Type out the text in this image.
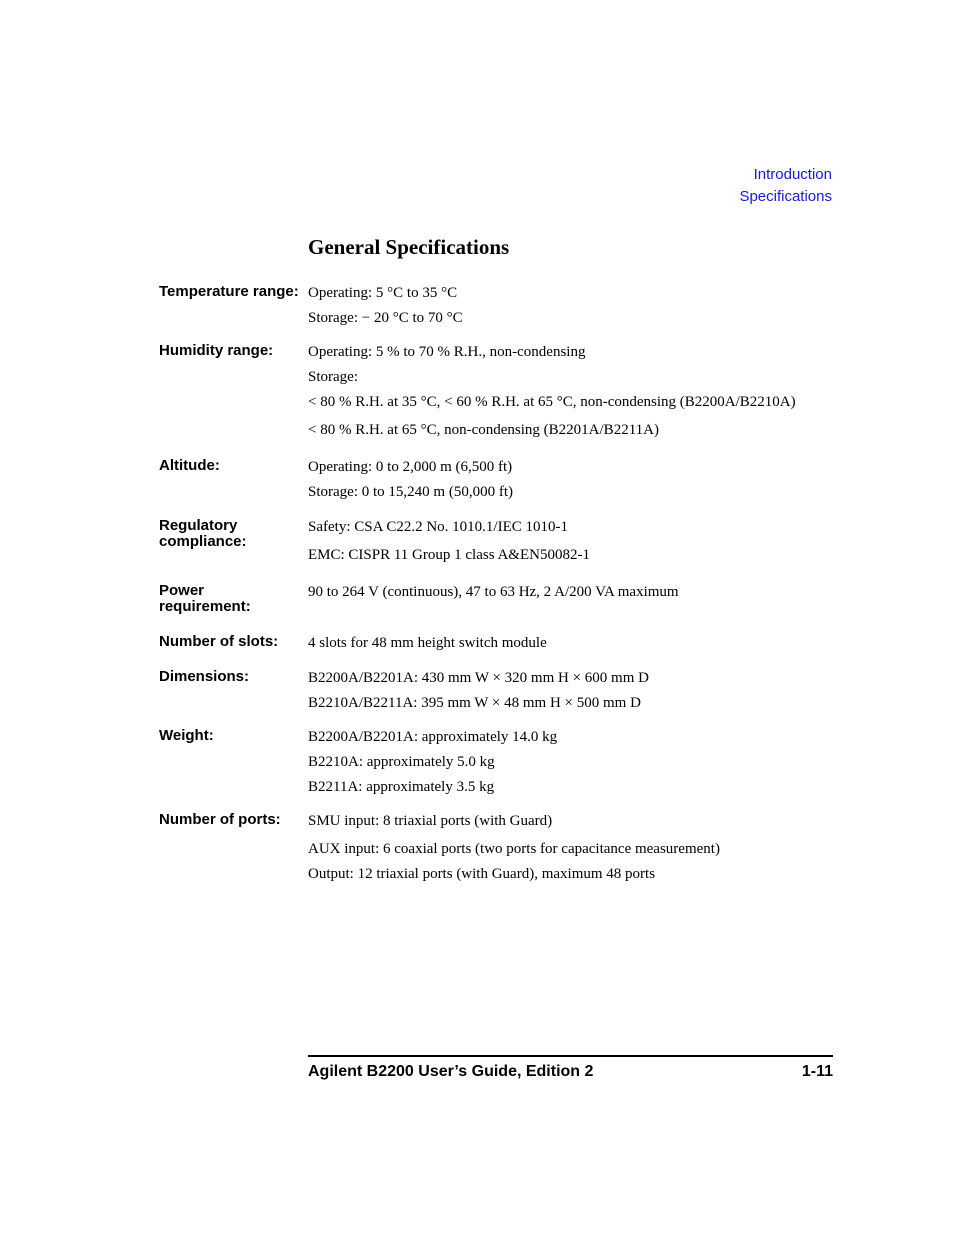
Introduction
Specifications
General Specifications
Temperature range: Operating: 5 °C to 35 °C
Storage: − 20 °C to 70 °C
Humidity range:	Operating: 5 % to 70 % R.H., non-condensing
Storage:
< 80 % R.H. at 35 °C, < 60 % R.H. at 65 °C, non-condensing (B2200A/B2210A)
< 80 % R.H. at 65 °C, non-condensing (B2201A/B2211A)
Altitude:	Operating: 0 to 2,000 m (6,500 ft)
Storage: 0 to 15,240 m (50,000 ft)
Regulatory compliance:
Safety: CSA C22.2 No. 1010.1/IEC 1010-1
EMC: CISPR 11 Group 1 class A&EN50082-1
Power requirement:
90 to 264 V (continuous), 47 to 63 Hz, 2 A/200 VA maximum
Number of slots:	4 slots for 48 mm height switch module
Dimensions:	B2200A/B2201A: 430 mm W × 320 mm H × 600 mm D
B2210A/B2211A: 395 mm W × 48 mm H × 500 mm D
Weight:	B2200A/B2201A: approximately 14.0 kg
B2210A: approximately 5.0 kg
B2211A: approximately 3.5 kg
Number of ports:	SMU input: 8 triaxial ports (with Guard)
AUX input: 6 coaxial ports (two ports for capacitance measurement)
Output: 12 triaxial ports (with Guard), maximum 48 ports
Agilent B2200 User’s Guide, Edition 2	1-11
